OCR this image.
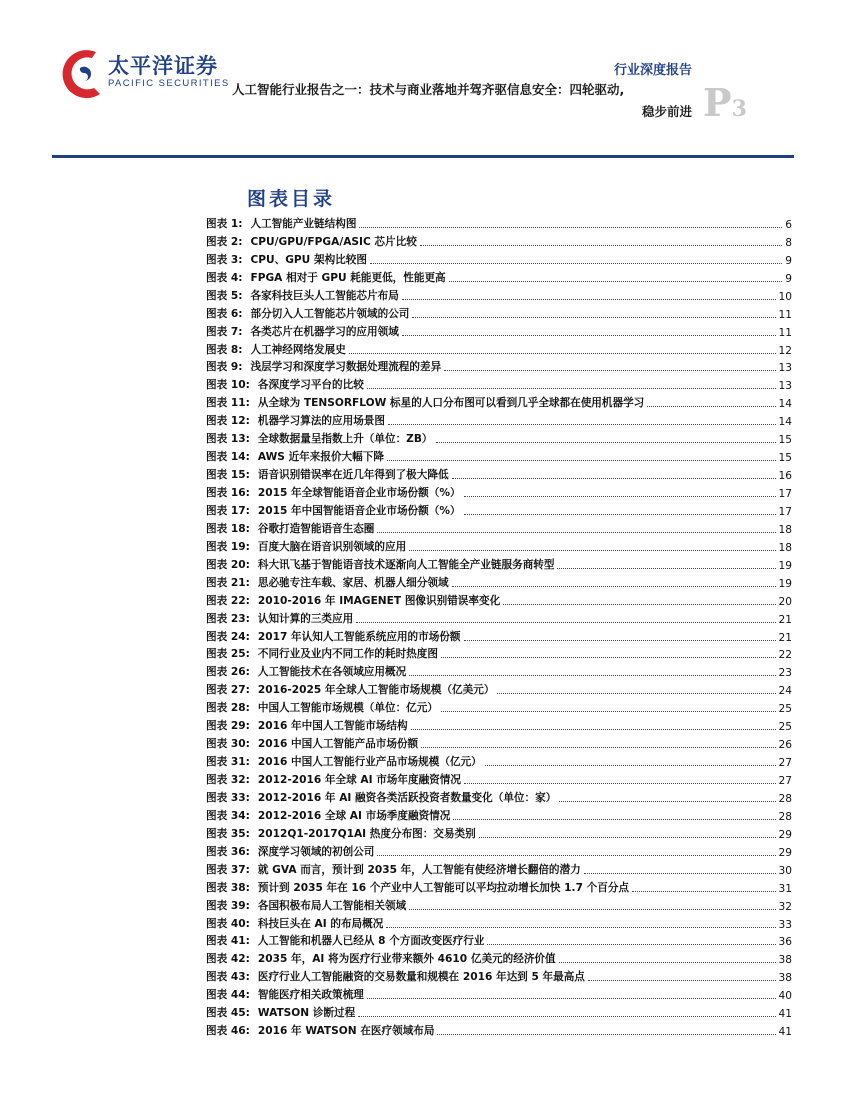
太平洋证券
PACIFIC SECURITIES
行业深度报告
人工智能行业报告之一：技术与商业落地并驾齐驱信息安全：四轮驱动,
稳步前进 P3
图表目录
图表 1: 人工智能产业链结构图	6
图表 2: CPU/GPU/FPGA/ASIC 芯片比较	8
图表 3: CPU、GPU 架构比较图	9
图表 4: FPGA 相对于 GPU 耗能更低，性能更高	9
图表 5: 各家科技巨头人工智能芯片布局	10
图表 6: 部分切入人工智能芯片领域的公司	11
图表 7: 各类芯片在机器学习的应用领域	11
图表 8: 人工神经网络发展史	12
图表 9: 浅层学习和深度学习数据处理流程的差异	13
图表 10: 各深度学习平台的比较	13
图表 11: 从全球为 TENSORFLOW 标星的人口分布图可以看到几乎全球都在使用机器学习	14
图表 12: 机器学习算法的应用场景图	14
图表 13: 全球数据量呈指数上升（单位：ZB）	15
图表 14: AWS 近年来报价大幅下降	15
图表 15: 语音识别错误率在近几年得到了极大降低	16
图表 16: 2015 年全球智能语音企业市场份额（%）	17
图表 17: 2015 年中国智能语音企业市场份额（%）	17
图表 18: 谷歌打造智能语音生态圈	18
图表 19: 百度大脑在语音识别领域的应用	18
图表 20: 科大讯飞基于智能语音技术逐渐向人工智能全产业链服务商转型	19
图表 21: 思必驰专注车载、家居、机器人细分领域	19
图表 22: 2010-2016 年 IMAGENET 图像识别错误率变化	20
图表 23: 认知计算的三类应用	21
图表 24: 2017 年认知人工智能系统应用的市场份额	21
图表 25: 不同行业及业内不同工作的耗时热度图	22
图表 26: 人工智能技术在各领域应用概况	23
图表 27: 2016-2025 年全球人工智能市场规模（亿美元）	24
图表 28: 中国人工智能市场规模（单位：亿元）	25
图表 29: 2016 年中国人工智能市场结构	25
图表 30: 2016 中国人工智能产品市场份额	26
图表 31: 2016 中国人工智能行业产品市场规模（亿元）	27
图表 32: 2012-2016 年全球 AI 市场年度融资情况	27
图表 33: 2012-2016 年 AI 融资各类活跃投资者数量变化（单位：家）	28
图表 34: 2012-2016 全球 AI 市场季度融资情况	28
图表 35: 2012Q1-2017Q1AI 热度分布图：交易类别	29
图表 36: 深度学习领域的初创公司	29
图表 37: 就 GVA 而言，预计到 2035 年，人工智能有使经济增长翻倍的潜力	30
图表 38: 预计到 2035 年在 16 个产业中人工智能可以平均拉动增长加快 1.7 个百分点	31
图表 39: 各国积极布局人工智能相关领域	32
图表 40: 科技巨头在 AI 的布局概况	33
图表 41: 人工智能和机器人已经从 8 个方面改变医疗行业	36
图表 42: 2035 年，AI 将为医疗行业带来额外 4610 亿美元的经济价值	38
图表 43: 医疗行业人工智能融资的交易数量和规模在 2016 年达到 5 年最高点	38
图表 44: 智能医疗相关政策梳理	40
图表 45: WATSON 诊断过程	41
图表 46: 2016 年 WATSON 在医疗领域布局	41
